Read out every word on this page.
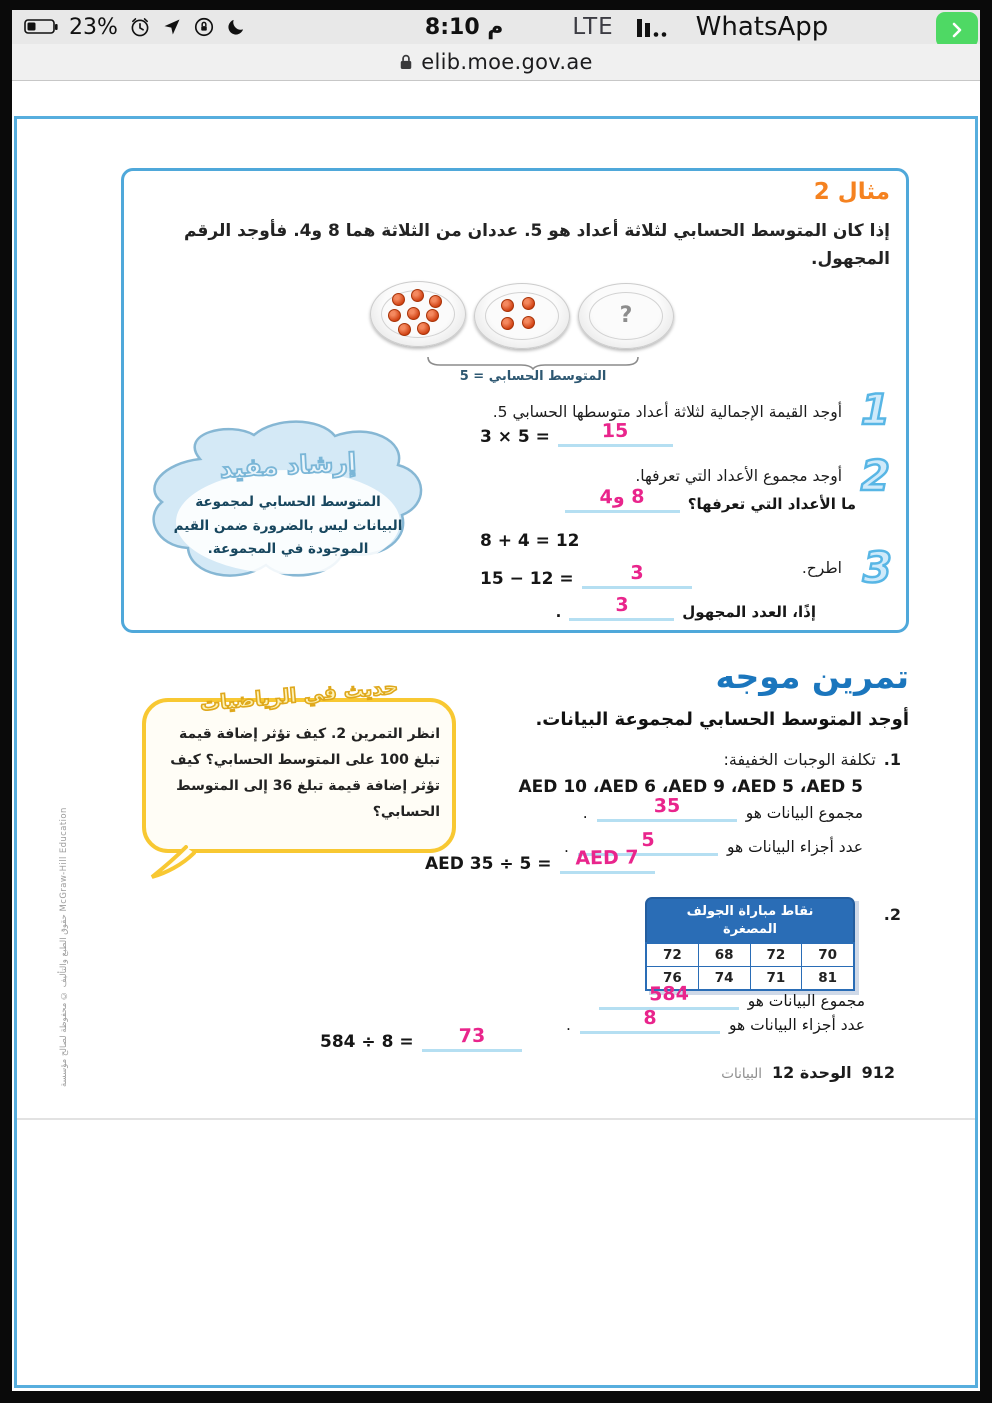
23%	8:10 م	LTE	WhatsApp
elib.moe.gov.ae
مثال 2
إذا كان المتوسط الحسابي لثلاثة أعداد هو 5. عددان من الثلاثة هما 8 و4. فأوجد الرقم المجهول.
?
المتوسط الحسابي = 5
1
أوجد القيمة الإجمالية لثلاثة أعداد متوسطها الحسابي 5.
3 × 5 =	15
2
أوجد مجموع الأعداد التي تعرفها.
ما الأعداد التي تعرفها؟
8 و4
8 + 4 = 12
3
اطرح.
15 − 12 =	3
إذًا، العدد المجهول
3
.
إرشاد مفيد
المتوسط الحسابي لمجموعة البيانات ليس بالضرورة ضمن القيم الموجودة في المجموعة.
تمرين موجه
أوجد المتوسط الحسابي لمجموعة البيانات.
1.
تكلفة الوجبات الخفيفة:
AED 10 ،AED 6 ،AED 9 ،AED 5 ،AED 5
مجموع البيانات هو
35
.
عدد أجزاء البيانات هو
5
.
AED 35 ÷ 5 = AED 7
حديث في الرياضيات
انظر التمرين 2. كيف تؤثر إضافة قيمة تبلغ 100 على المتوسط الحسابي؟ كيف تؤثر إضافة قيمة تبلغ 36 إلى المتوسط الحسابي؟
2.
نقاط مباراة الجولف
المصغرة
72	68	72	70
76	74	71	81
مجموع البيانات هو
584
عدد أجزاء البيانات هو
8
.
584 ÷ 8 = 73
912
الوحدة 12
البيانات
حقوق الطبع والتأليف © محفوظة لصالح مؤسسة McGraw-Hill Education
